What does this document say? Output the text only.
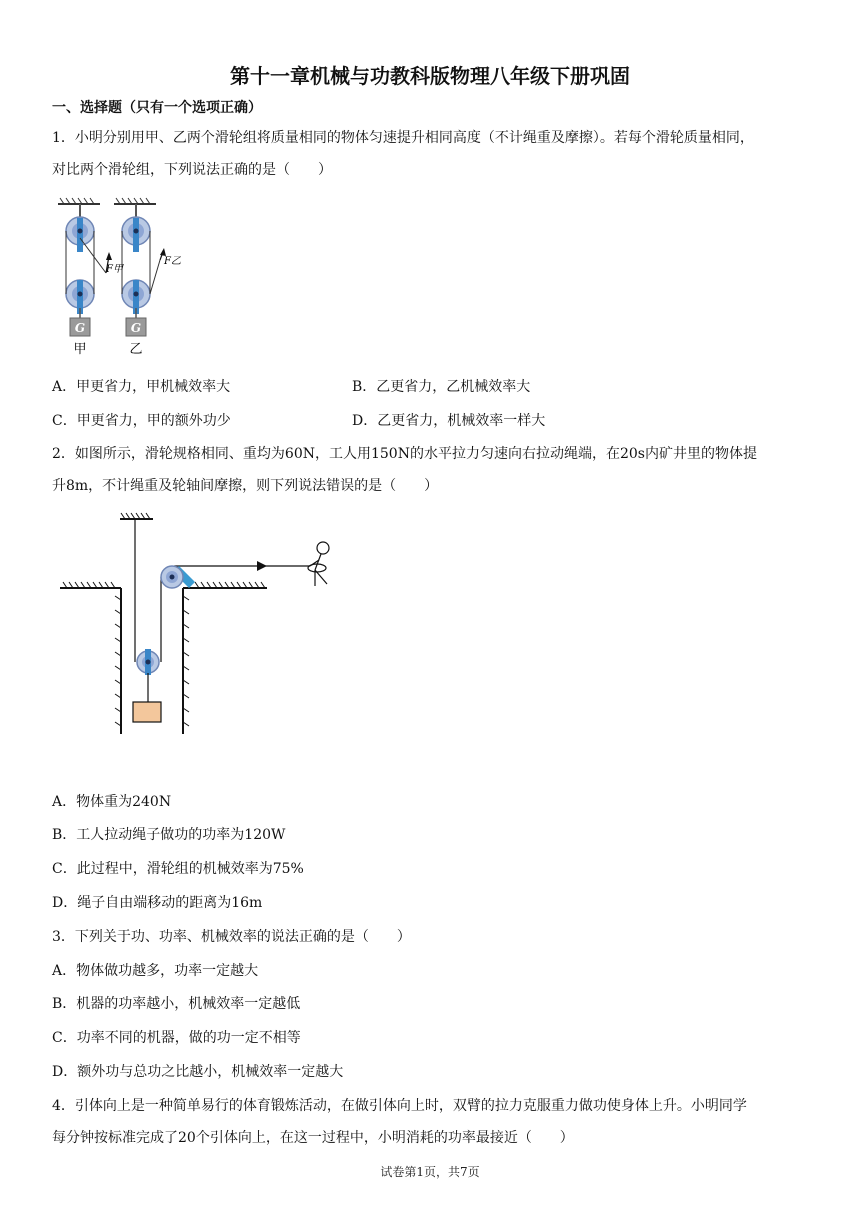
第十一章机械与功教科版物理八年级下册巩固
一、选择题（只有一个选项正确）
1．小明分别用甲、乙两个滑轮组将质量相同的物体匀速提升相同高度（不计绳重及摩擦）。若每个滑轮质量相同，
对比两个滑轮组，下列说法正确的是（　　）
G	G
甲	乙
F甲
F乙
A．甲更省力，甲机械效率大	B．乙更省力，乙机械效率大
C．甲更省力，甲的额外功少	D．乙更省力，机械效率一样大
2．如图所示，滑轮规格相同、重均为60N，工人用150N的水平拉力匀速向右拉动绳端，在20s内矿井里的物体提
升8m，不计绳重及轮轴间摩擦，则下列说法错误的是（　　）
A．物体重为240N
B．工人拉动绳子做功的功率为120W
C．此过程中，滑轮组的机械效率为75%
D．绳子自由端移动的距离为16m
3．下列关于功、功率、机械效率的说法正确的是（　　）
A．物体做功越多，功率一定越大
B．机器的功率越小，机械效率一定越低
C．功率不同的机器，做的功一定不相等
D．额外功与总功之比越小，机械效率一定越大
4．引体向上是一种简单易行的体育锻炼活动，在做引体向上时，双臂的拉力克服重力做功使身体上升。小明同学
每分钟按标准完成了20个引体向上，在这一过程中，小明消耗的功率最接近（　　）
试卷第1页，共7页
